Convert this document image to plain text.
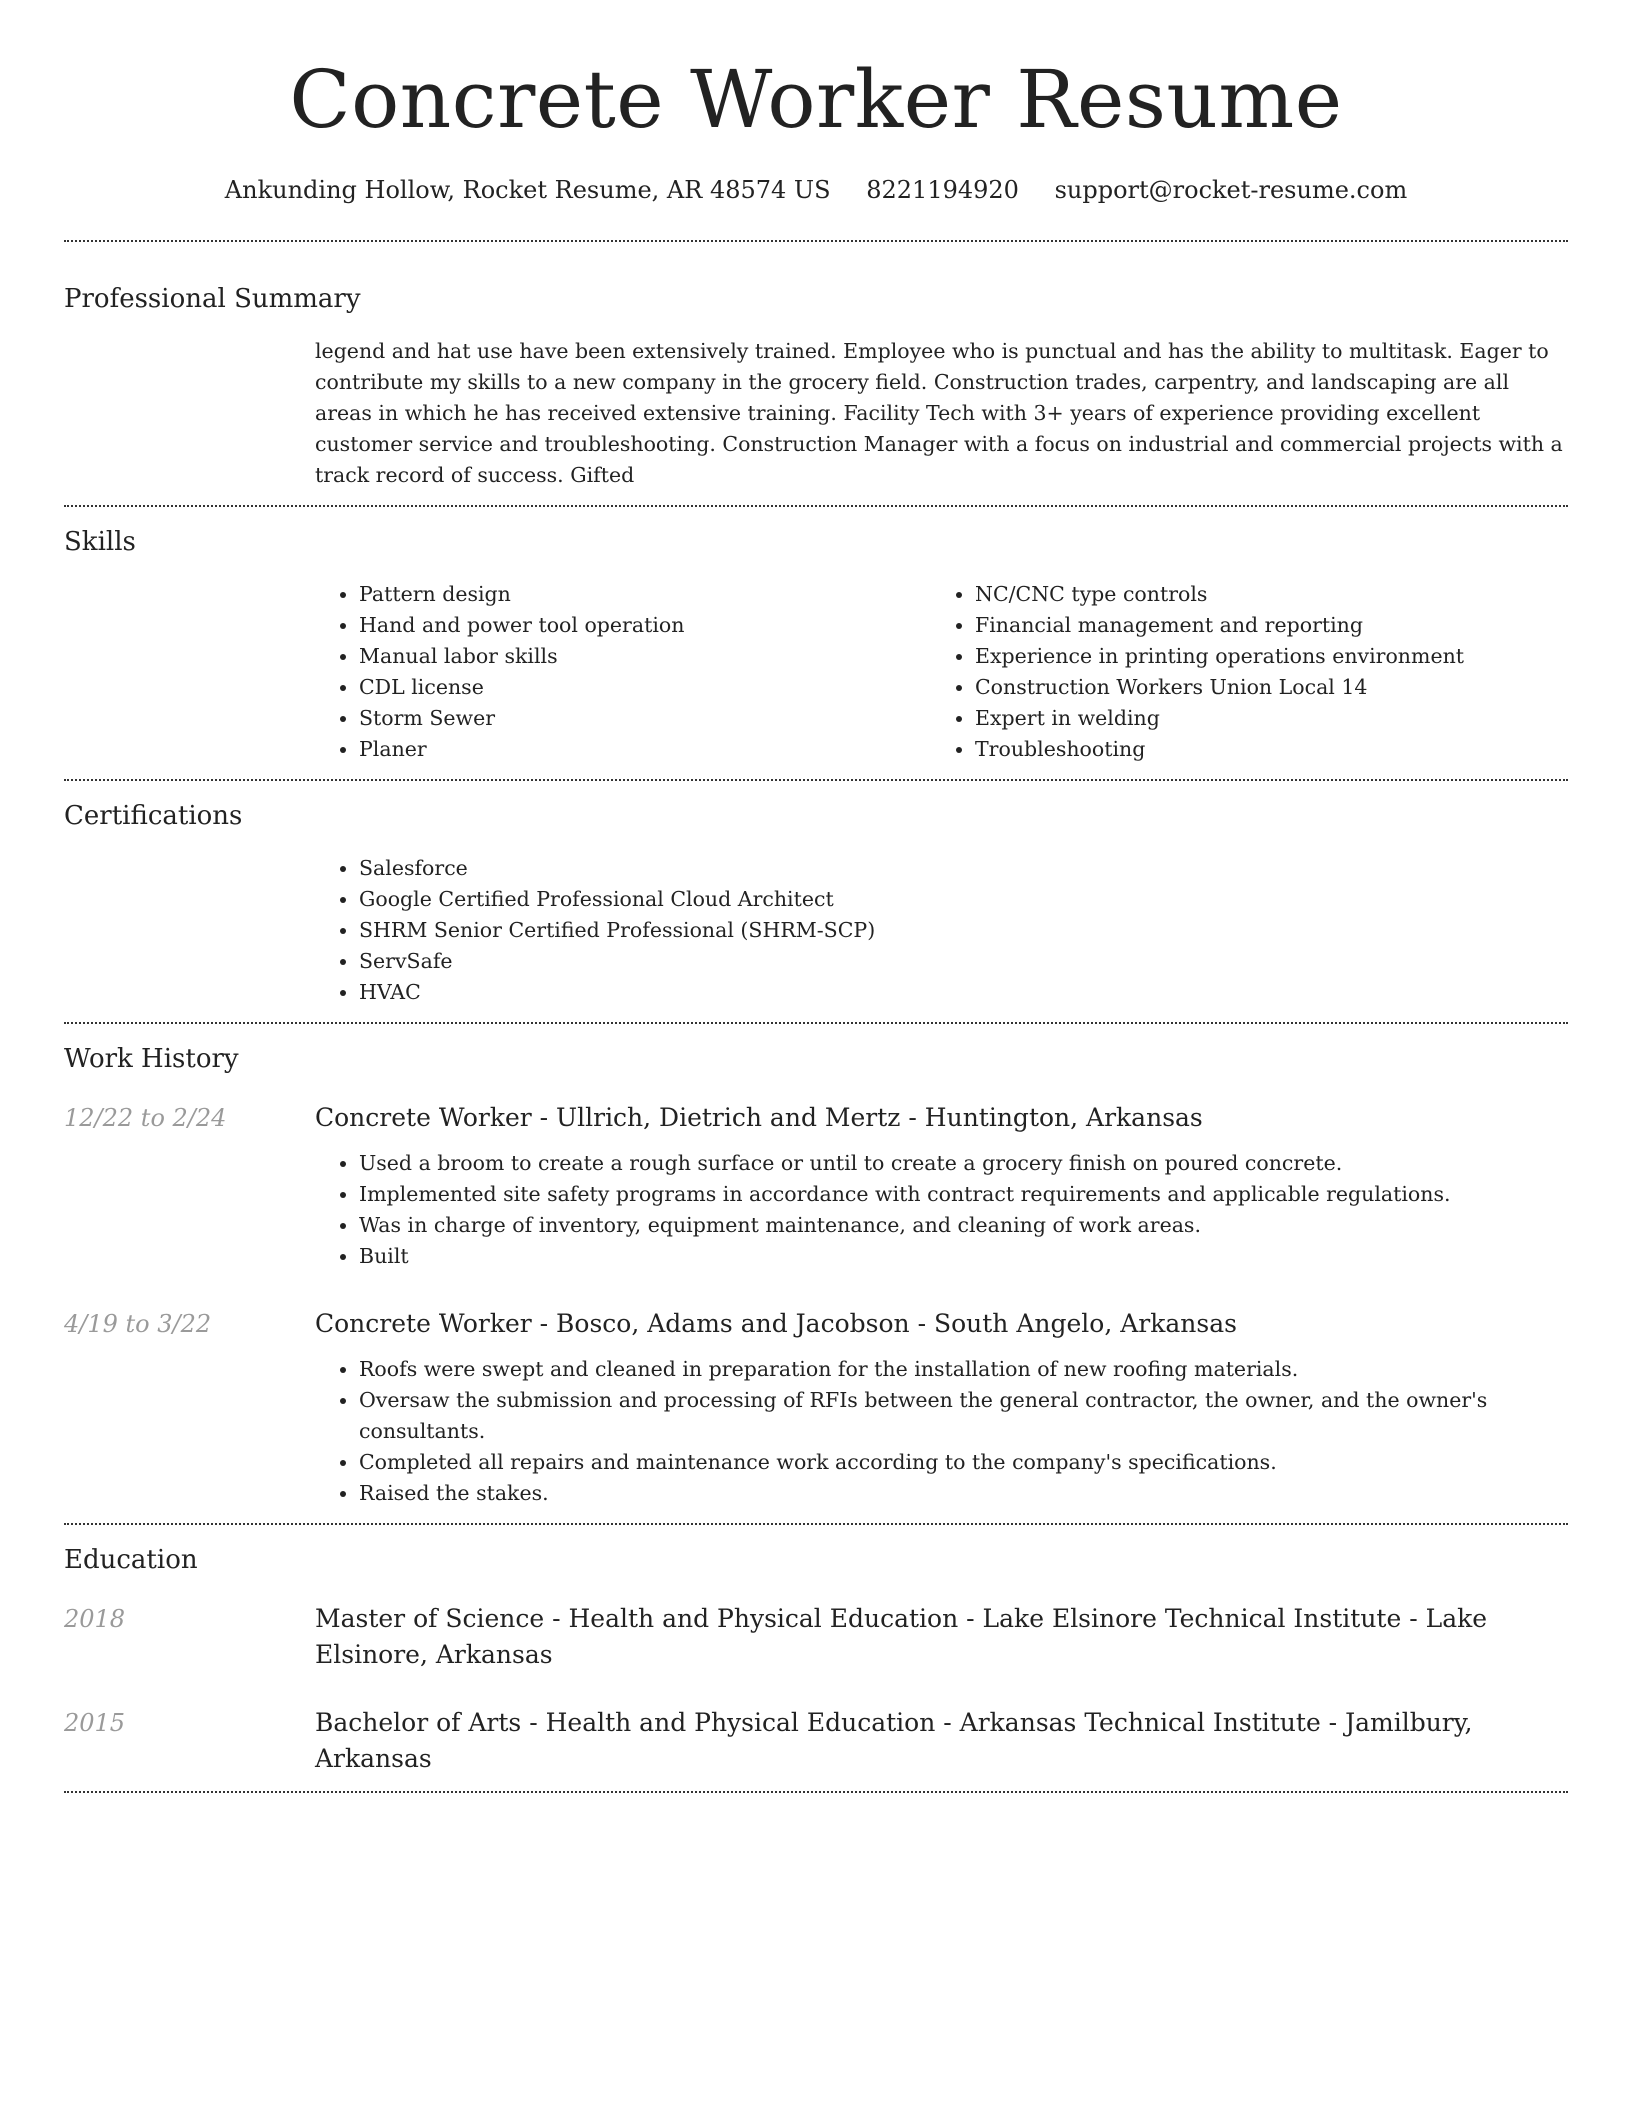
Concrete Worker Resume
Ankunding Hollow, Rocket Resume, AR 48574 US 8221194920 support@rocket-resume.com
Professional Summary
legend and hat use have been extensively trained. Employee who is punctual and has the ability to multitask. Eager to contribute my skills to a new company in the grocery field. Construction trades, carpentry, and landscaping are all areas in which he has received extensive training. Facility Tech with 3+ years of experience providing excellent customer service and troubleshooting. Construction Manager with a focus on industrial and commercial projects with a track record of success. Gifted
Skills
• Pattern design
• Hand and power tool operation
• Manual labor skills
• CDL license
• Storm Sewer
• Planer
• NC/CNC type controls
• Financial management and reporting
• Experience in printing operations environment
• Construction Workers Union Local 14
• Expert in welding
• Troubleshooting
Certifications
• Salesforce
• Google Certified Professional Cloud Architect
• SHRM Senior Certified Professional (SHRM-SCP)
• ServSafe
• HVAC
Work History
12/22 to 2/24	Concrete Worker - Ullrich, Dietrich and Mertz - Huntington, Arkansas
• Used a broom to create a rough surface or until to create a grocery finish on poured concrete.
• Implemented site safety programs in accordance with contract requirements and applicable regulations.
• Was in charge of inventory, equipment maintenance, and cleaning of work areas.
• Built
4/19 to 3/22	Concrete Worker - Bosco, Adams and Jacobson - South Angelo, Arkansas
• Roofs were swept and cleaned in preparation for the installation of new roofing materials.
• Oversaw the submission and processing of RFIs between the general contractor, the owner, and the owner's consultants.
• Completed all repairs and maintenance work according to the company's specifications.
• Raised the stakes.
Education
2018	Master of Science - Health and Physical Education - Lake Elsinore Technical Institute - Lake Elsinore, Arkansas
2015	Bachelor of Arts - Health and Physical Education - Arkansas Technical Institute - Jamilbury, Arkansas
